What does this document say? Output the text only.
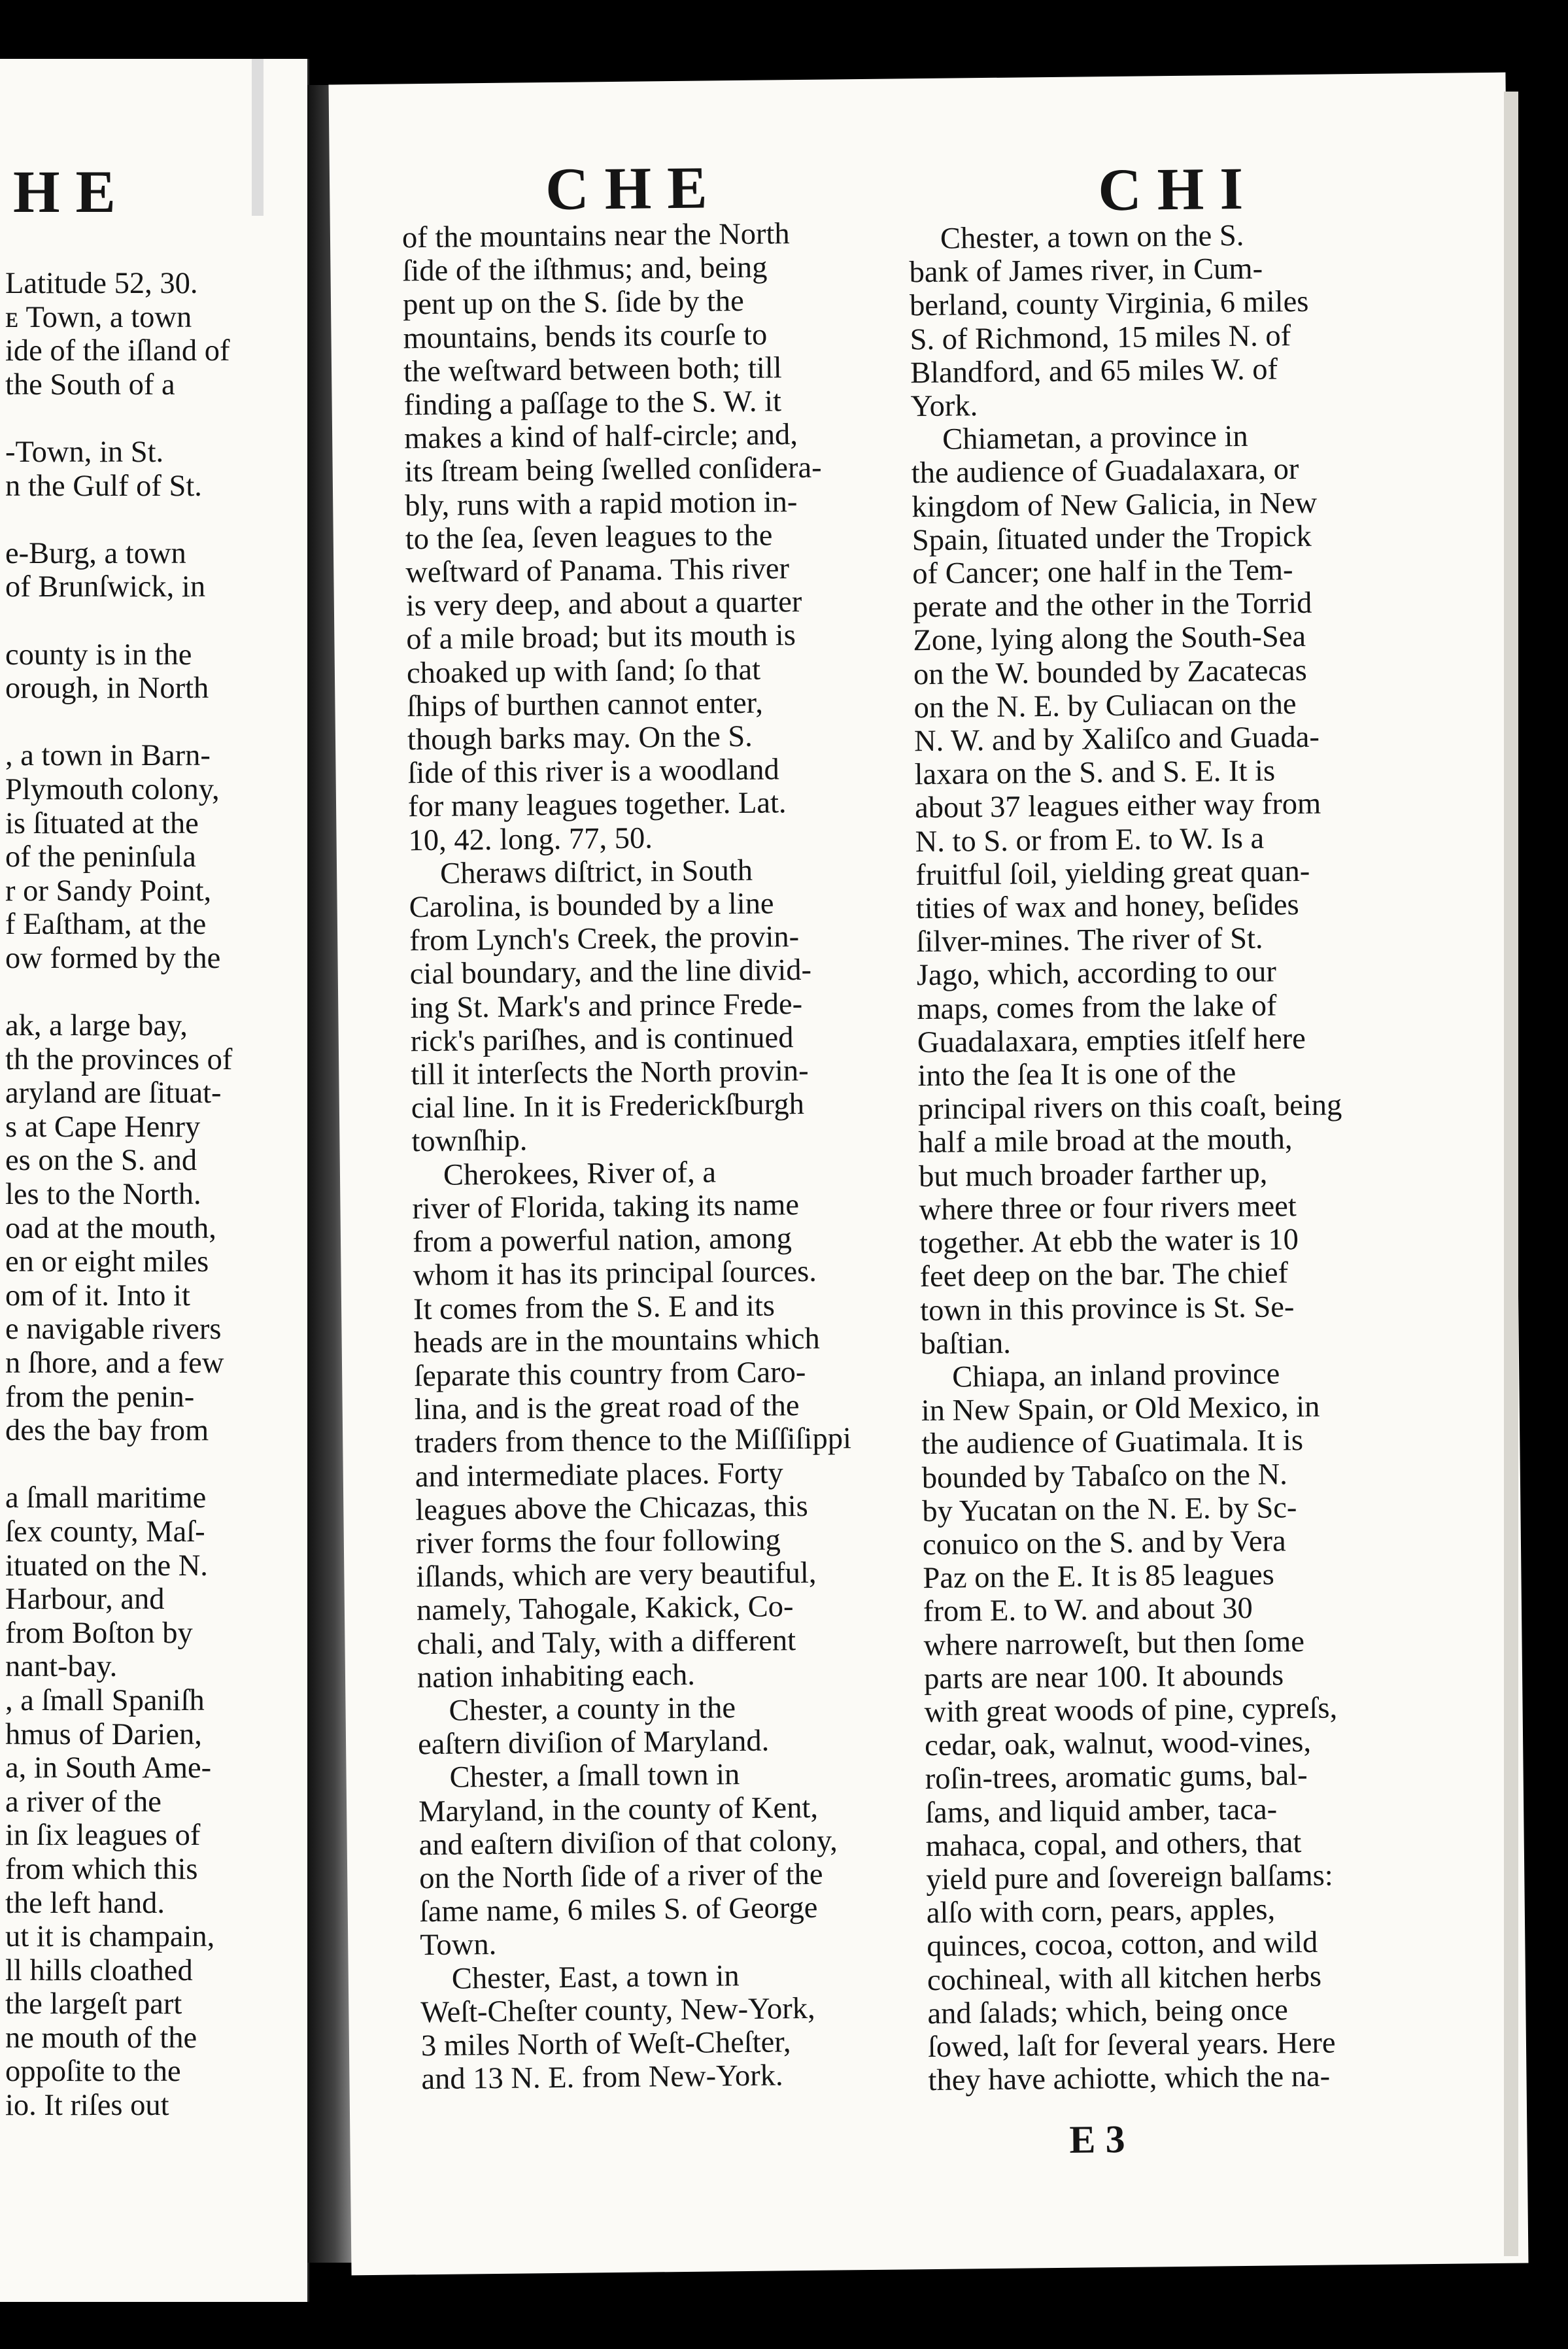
HE
Latitude 52, 30.
ᴇ Town, a town
ide of the iſland of
the South of a

-Town, in St.
n the Gulf of St.

e-Burg, a town
of Brunſwick, in

county is in the
orough, in North

, a town in Barn-
Plymouth colony,
is ſituated at the
of the peninſula
r or Sandy Point,
f Eaſtham, at the
ow formed by the

ak, a large bay,
th the provinces of
aryland are ſituat-
s at Cape Henry
es on the S. and
les to the North.
oad at the mouth,
en or eight miles
om of it. Into it
e navigable rivers
n ſhore, and a few
from the penin-
des the bay from

a ſmall maritime
ſex county, Maſ-
ituated on the N.
Harbour, and
from Boſton by
nant-bay.
, a ſmall Spaniſh
hmus of Darien,
a, in South Ame-
a river of the
in ſix leagues of
from which this
the left hand.
ut it is champain,
ll hills cloathed
the largeſt part
ne mouth of the
oppoſite to the
io. It riſes out
CHE	CHI
of the mountains near the North
ſide of the iſthmus; and, being
pent up on the S. ſide by the
mountains, bends its courſe to
the weſtward between both; till
finding a paſſage to the S. W. it
makes a kind of half-circle; and,
its ſtream being ſwelled conſidera-
bly, runs with a rapid motion in-
to the ſea, ſeven leagues to the
weſtward of Panama. This river
is very deep, and about a quarter
of a mile broad; but its mouth is
choaked up with ſand; ſo that
ſhips of burthen cannot enter,
though barks may. On the S.
ſide of this river is a woodland
for many leagues together. Lat.
10, 42. long. 77, 50.
Cheraws diſtrict, in South
Carolina, is bounded by a line
from Lynch's Creek, the provin-
cial boundary, and the line divid-
ing St. Mark's and prince Frede-
rick's pariſhes, and is continued
till it interſects the North provin-
cial line. In it is Frederickſburgh
townſhip.
Cherokees, River of, a
river of Florida, taking its name
from a powerful nation, among
whom it has its principal ſources.
It comes from the S. E and its
heads are in the mountains which
ſeparate this country from Caro-
lina, and is the great road of the
traders from thence to the Miſſiſippi
and intermediate places. Forty
leagues above the Chicazas, this
river forms the four following
iſlands, which are very beautiful,
namely, Tahogale, Kakick, Co-
chali, and Taly, with a different
nation inhabiting each.
Chester, a county in the
eaſtern diviſion of Maryland.
Chester, a ſmall town in
Maryland, in the county of Kent,
and eaſtern diviſion of that colony,
on the North ſide of a river of the
ſame name, 6 miles S. of George
Town.
Chester, East, a town in
Weſt-Cheſter county, New-York,
3 miles North of Weſt-Cheſter,
and 13 N. E. from New-York.
Chester, a town on the S.
bank of James river, in Cum-
berland, county Virginia, 6 miles
S. of Richmond, 15 miles N. of
Blandford, and 65 miles W. of
York.
Chiametan, a province in
the audience of Guadalaxara, or
kingdom of New Galicia, in New
Spain, ſituated under the Tropick
of Cancer; one half in the Tem-
perate and the other in the Torrid
Zone, lying along the South-Sea
on the W. bounded by Zacatecas
on the N. E. by Culiacan on the
N. W. and by Xaliſco and Guada-
laxara on the S. and S. E. It is
about 37 leagues either way from
N. to S. or from E. to W. Is a
fruitful ſoil, yielding great quan-
tities of wax and honey, beſides
ſilver-mines. The river of St.
Jago, which, according to our
maps, comes from the lake of
Guadalaxara, empties itſelf here
into the ſea It is one of the
principal rivers on this coaſt, being
half a mile broad at the mouth,
but much broader farther up,
where three or four rivers meet
together. At ebb the water is 10
feet deep on the bar. The chief
town in this province is St. Se-
baſtian.
Chiapa, an inland province
in New Spain, or Old Mexico, in
the audience of Guatimala. It is
bounded by Tabaſco on the N.
by Yucatan on the N. E. by Sc-
conuico on the S. and by Vera
Paz on the E. It is 85 leagues
from E. to W. and about 30
where narroweſt, but then ſome
parts are near 100. It abounds
with great woods of pine, cypreſs,
cedar, oak, walnut, wood-vines,
roſin-trees, aromatic gums, bal-
ſams, and liquid amber, taca-
mahaca, copal, and others, that
yield pure and ſovereign balſams:
alſo with corn, pears, apples,
quinces, cocoa, cotton, and wild
cochineal, with all kitchen herbs
and ſalads; which, being once
ſowed, laſt for ſeveral years. Here
they have achiotte, which the na-
E 3
